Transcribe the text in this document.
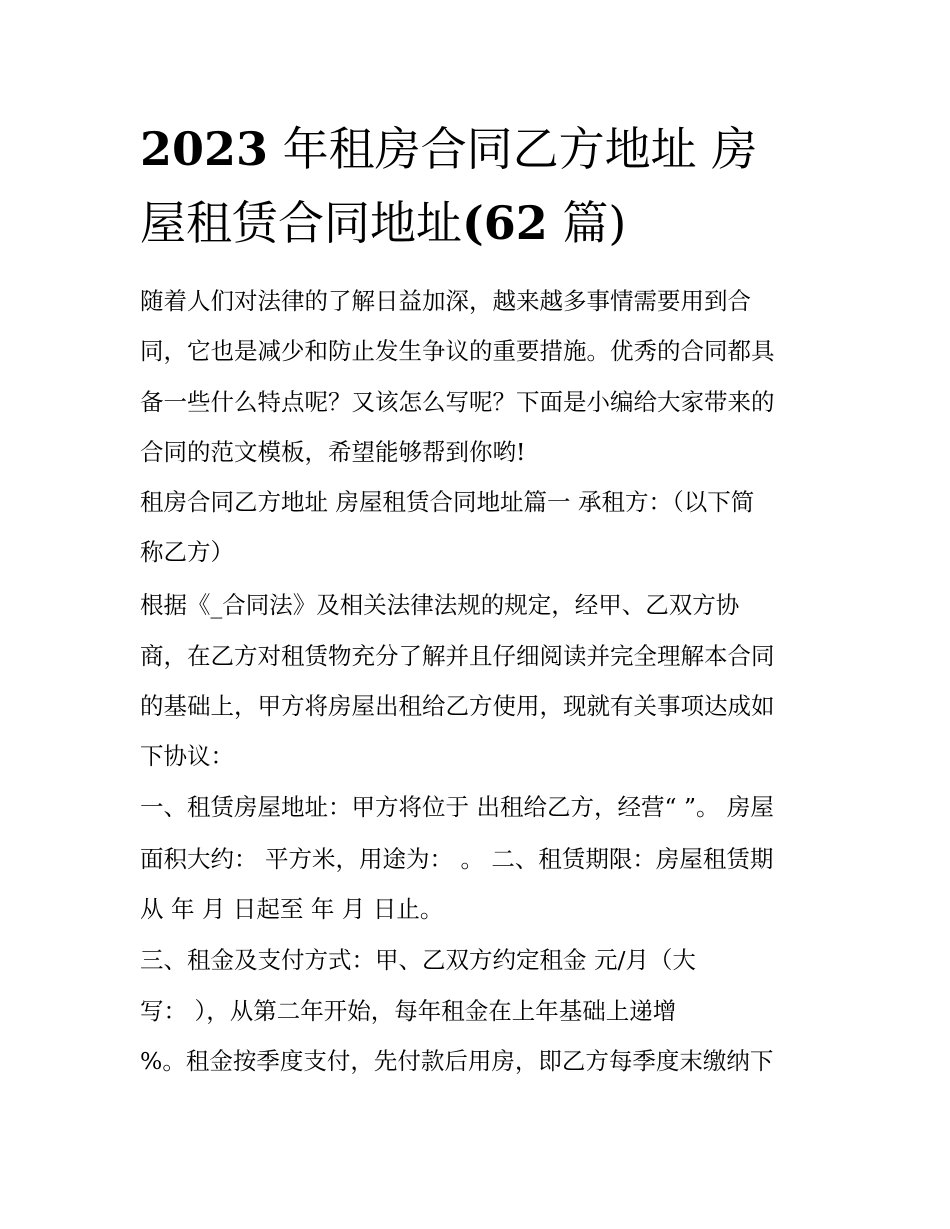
2023 年租房合同乙方地址 房
屋租赁合同地址(62 篇)

随着人们对法律的了解日益加深，越来越多事情需要用到合

同，它也是减少和防止发生争议的重要措施。优秀的合同都具

备一些什么特点呢？又该怎么写呢？下面是小编给大家带来的

合同的范文模板，希望能够帮到你哟!

租房合同乙方地址 房屋租赁合同地址篇一 承租方：（以下简

称乙方）

根据《_合同法》及相关法律法规的规定，经甲、乙双方协

商，在乙方对租赁物充分了解并且仔细阅读并完全理解本合同

的基础上，甲方将房屋出租给乙方使用，现就有关事项达成如

下协议：

一、租赁房屋地址：甲方将位于 出租给乙方，经营“ ”。 房屋

面积大约： 平方米，用途为： 。 二、租赁期限：房屋租赁期

从 年 月 日起至 年 月 日止。

三、租金及支付方式：甲、乙双方约定租金 元/月（大

写： ），从第二年开始，每年租金在上年基础上递增

%。租金按季度支付，先付款后用房，即乙方每季度末缴纳下
